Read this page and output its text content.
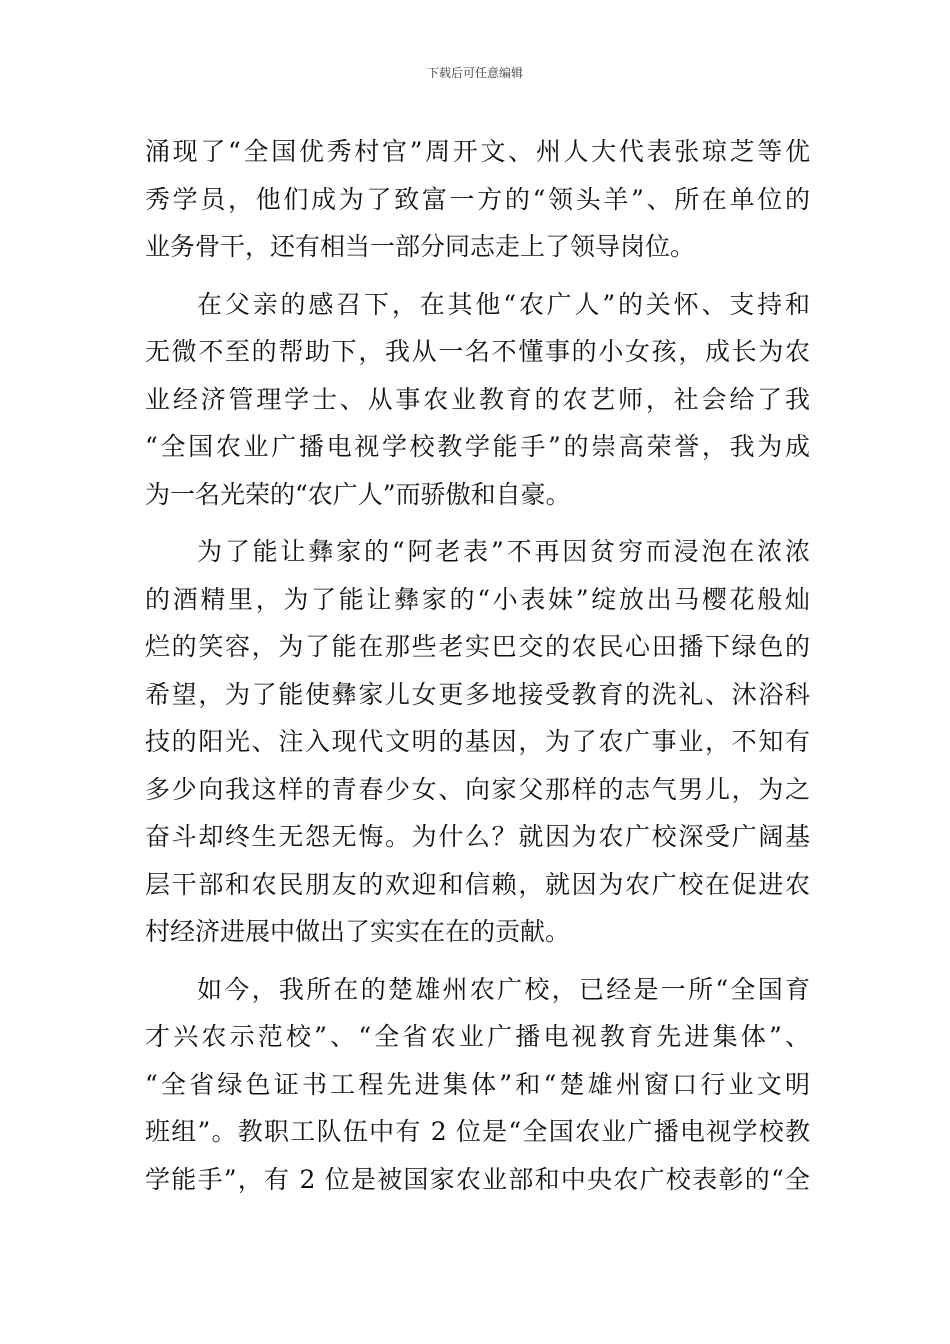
下载后可任意编辑
涌现了“全国优秀村官”周开文、州人大代表张琼芝等优
秀学员，他们成为了致富一方的“领头羊”、所在单位的
业务骨干，还有相当一部分同志走上了领导岗位。
在父亲的感召下，在其他“农广人”的关怀、支持和
无微不至的帮助下，我从一名不懂事的小女孩，成长为农
业经济管理学士、从事农业教育的农艺师，社会给了我
“全国农业广播电视学校教学能手”的崇高荣誉，我为成
为一名光荣的“农广人”而骄傲和自豪。
为了能让彝家的“阿老表”不再因贫穷而浸泡在浓浓
的酒精里，为了能让彝家的“小表妹”绽放出马樱花般灿
烂的笑容，为了能在那些老实巴交的农民心田播下绿色的
希望，为了能使彝家儿女更多地接受教育的洗礼、沐浴科
技的阳光、注入现代文明的基因，为了农广事业，不知有
多少向我这样的青春少女、向家父那样的志气男儿，为之
奋斗却终生无怨无悔。为什么？就因为农广校深受广阔基
层干部和农民朋友的欢迎和信赖，就因为农广校在促进农
村经济进展中做出了实实在在的贡献。
如今，我所在的楚雄州农广校，已经是一所“全国育
才兴农示范校”、“全省农业广播电视教育先进集体”、
“全省绿色证书工程先进集体”和“楚雄州窗口行业文明
班组”。教职工队伍中有 2 位是“全国农业广播电视学校教
学能手”，有 2 位是被国家农业部和中央农广校表彰的“全
